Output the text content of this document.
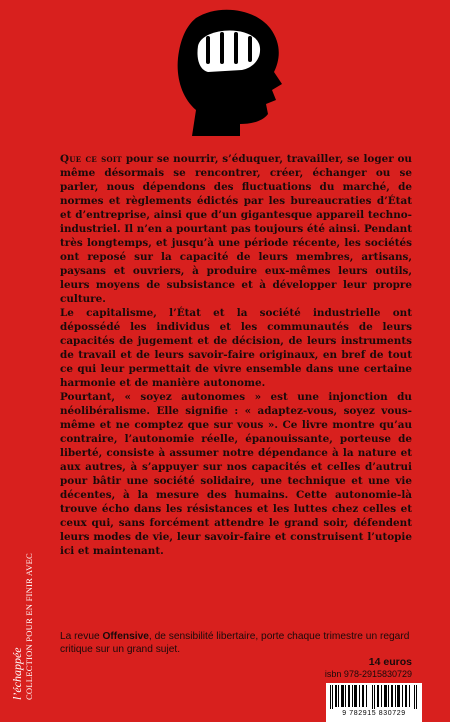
Que ce soit pour se nourrir, s’éduquer, travailler, se loger ou même désormais se rencontrer, créer, échanger ou se parler, nous dépendons des fluctuations du marché, de normes et règlements édictés par les bureaucraties d’État et d’entreprise, ainsi que d’un gigantesque appareil techno-industriel. Il n’en a pourtant pas toujours été ainsi. Pendant très longtemps, et jusqu’à une période récente, les sociétés ont reposé sur la capacité de leurs membres, artisans, paysans et ouvriers, à produire eux-mêmes leurs outils, leurs moyens de subsistance et à développer leur propre culture.

Le capitalisme, l’État et la société industrielle ont dépossédé les individus et les communautés de leurs capacités de jugement et de décision, de leurs instruments de travail et de leurs savoir-faire originaux, en bref de tout ce qui leur permettait de vivre ensemble dans une certaine harmonie et de manière autonome.

Pourtant, « soyez autonomes » est une injonction du néolibéralisme. Elle signifie : « adaptez-vous, soyez vous-même et ne comptez que sur vous ». Ce livre montre qu’au contraire, l’autonomie réelle, épanouissante, porteuse de liberté, consiste à assumer notre dépendance à la nature et aux autres, à s’appuyer sur nos capacités et celles d’autrui pour bâtir une société solidaire, une technique et une vie décentes, à la mesure des humains. Cette autonomie-là trouve écho dans les résistances et les luttes chez celles et ceux qui, sans forcément attendre le grand soir, défendent leurs modes de vie, leur savoir-faire et construisent l’utopie ici et maintenant.

La revue Offensive, de sensibilité libertaire, porte chaque trimestre un regard critique sur un grand sujet.
14 euros
isbn 978-2915830729
9 782915 830729
COLLECTION POUR EN FINIR AVEC
l’échappée
